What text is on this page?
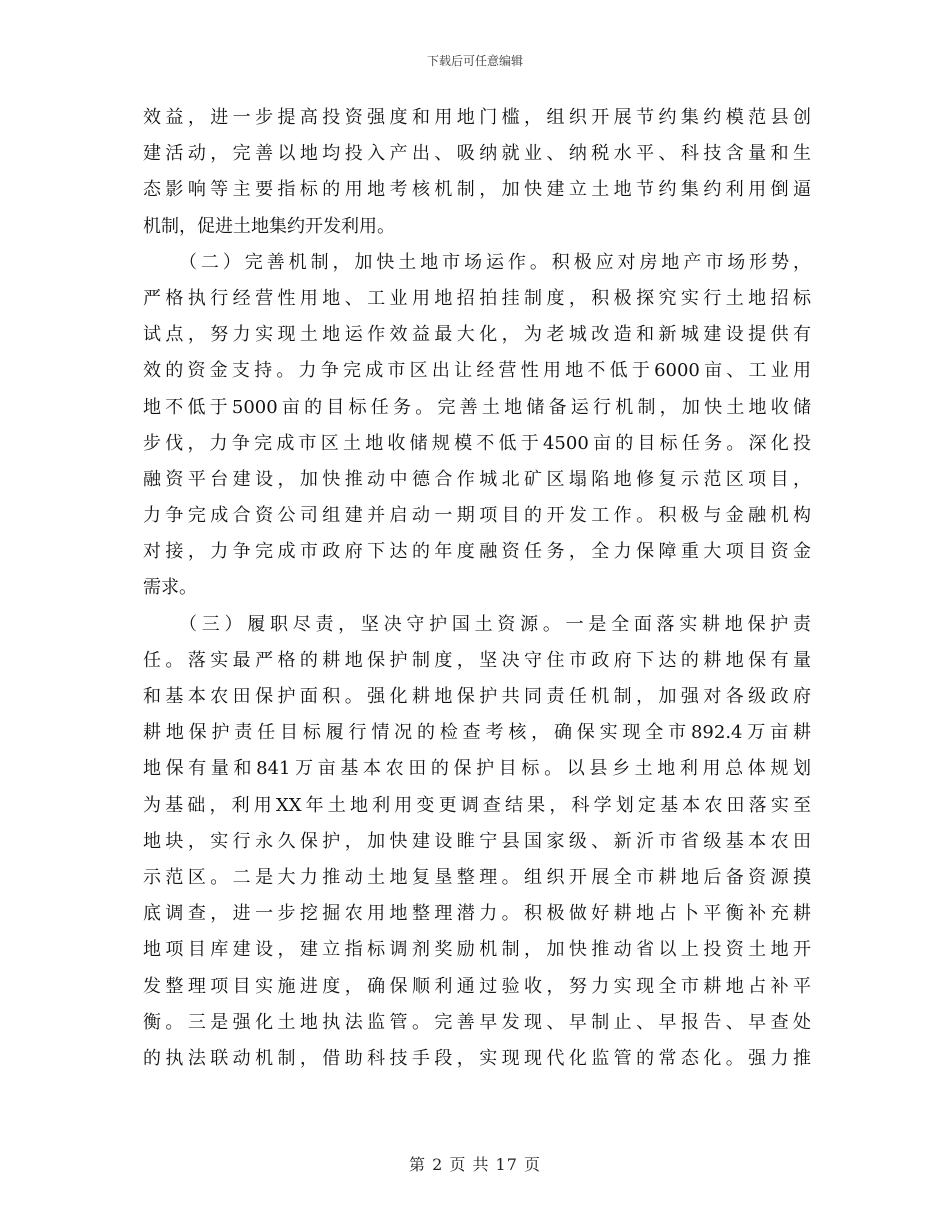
下载后可任意编辑
效益，进一步提高投资强度和用地门槛，组织开展节约集约模范县创
建活动，完善以地均投入产出、吸纳就业、纳税水平、科技含量和生
态影响等主要指标的用地考核机制，加快建立土地节约集约利用倒逼
机制，促进土地集约开发利用。
（二）完善机制，加快土地市场运作。积极应对房地产市场形势，
严格执行经营性用地、工业用地招拍挂制度，积极探究实行土地招标
试点，努力实现土地运作效益最大化，为老城改造和新城建设提供有
效的资金支持。力争完成市区出让经营性用地不低于6000亩、工业用
地不低于5000亩的目标任务。完善土地储备运行机制，加快土地收储
步伐，力争完成市区土地收储规模不低于4500亩的目标任务。深化投
融资平台建设，加快推动中德合作城北矿区塌陷地修复示范区项目，
力争完成合资公司组建并启动一期项目的开发工作。积极与金融机构
对接，力争完成市政府下达的年度融资任务，全力保障重大项目资金
需求。
（三）履职尽责，坚决守护国土资源。一是全面落实耕地保护责
任。落实最严格的耕地保护制度，坚决守住市政府下达的耕地保有量
和基本农田保护面积。强化耕地保护共同责任机制，加强对各级政府
耕地保护责任目标履行情况的检查考核，确保实现全市892.4万亩耕
地保有量和841万亩基本农田的保护目标。以县乡土地利用总体规划
为基础，利用XX年土地利用变更调查结果，科学划定基本农田落实至
地块，实行永久保护，加快建设睢宁县国家级、新沂市省级基本农田
示范区。二是大力推动土地复垦整理。组织开展全市耕地后备资源摸
底调查，进一步挖掘农用地整理潜力。积极做好耕地占卜平衡补充耕
地项目库建设，建立指标调剂奖励机制，加快推动省以上投资土地开
发整理项目实施进度，确保顺利通过验收，努力实现全市耕地占补平
衡。三是强化土地执法监管。完善早发现、早制止、早报告、早查处
的执法联动机制，借助科技手段，实现现代化监管的常态化。强力推
第 2 页 共 17 页
